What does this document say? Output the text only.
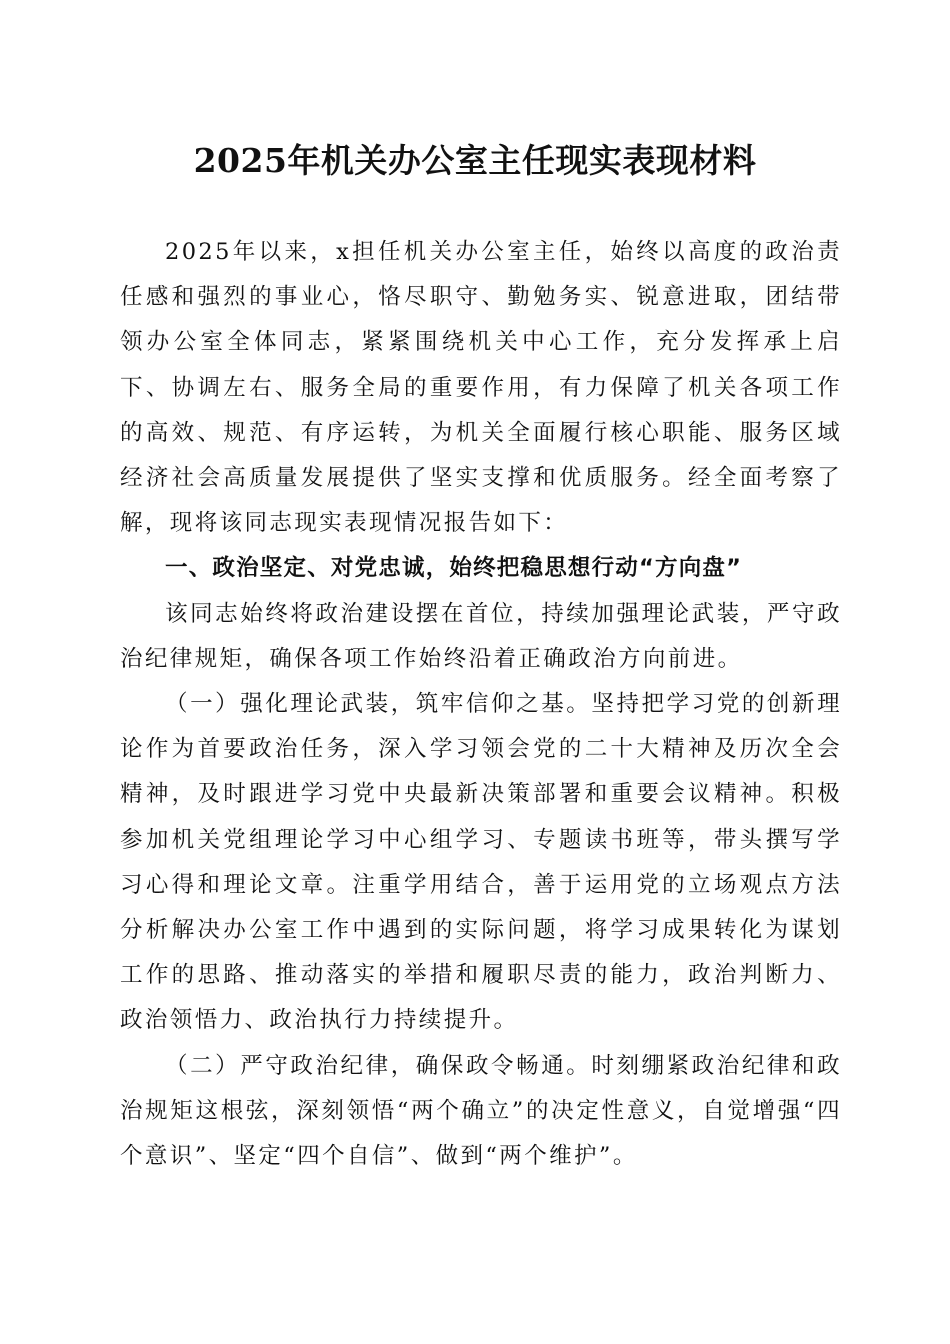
2025年机关办公室主任现实表现材料

2025年以来，x担任机关办公室主任，始终以高度的政治责任感和强烈的事业心，恪尽职守、勤勉务实、锐意进取，团结带领办公室全体同志，紧紧围绕机关中心工作，充分发挥承上启下、协调左右、服务全局的重要作用，有力保障了机关各项工作的高效、规范、有序运转，为机关全面履行核心职能、服务区域经济社会高质量发展提供了坚实支撑和优质服务。经全面考察了解，现将该同志现实表现情况报告如下：

一、政治坚定、对党忠诚，始终把稳思想行动“方向盘”

该同志始终将政治建设摆在首位，持续加强理论武装，严守政治纪律规矩，确保各项工作始终沿着正确政治方向前进。

（一）强化理论武装，筑牢信仰之基。坚持把学习党的创新理论作为首要政治任务，深入学习领会党的二十大精神及历次全会精神，及时跟进学习党中央最新决策部署和重要会议精神。积极参加机关党组理论学习中心组学习、专题读书班等，带头撰写学习心得和理论文章。注重学用结合，善于运用党的立场观点方法分析解决办公室工作中遇到的实际问题，将学习成果转化为谋划工作的思路、推动落实的举措和履职尽责的能力，政治判断力、政治领悟力、政治执行力持续提升。

（二）严守政治纪律，确保政令畅通。时刻绷紧政治纪律和政治规矩这根弦，深刻领悟“两个确立”的决定性意义，自觉增强“四个意识”、坚定“四个自信”、做到“两个维护”。
